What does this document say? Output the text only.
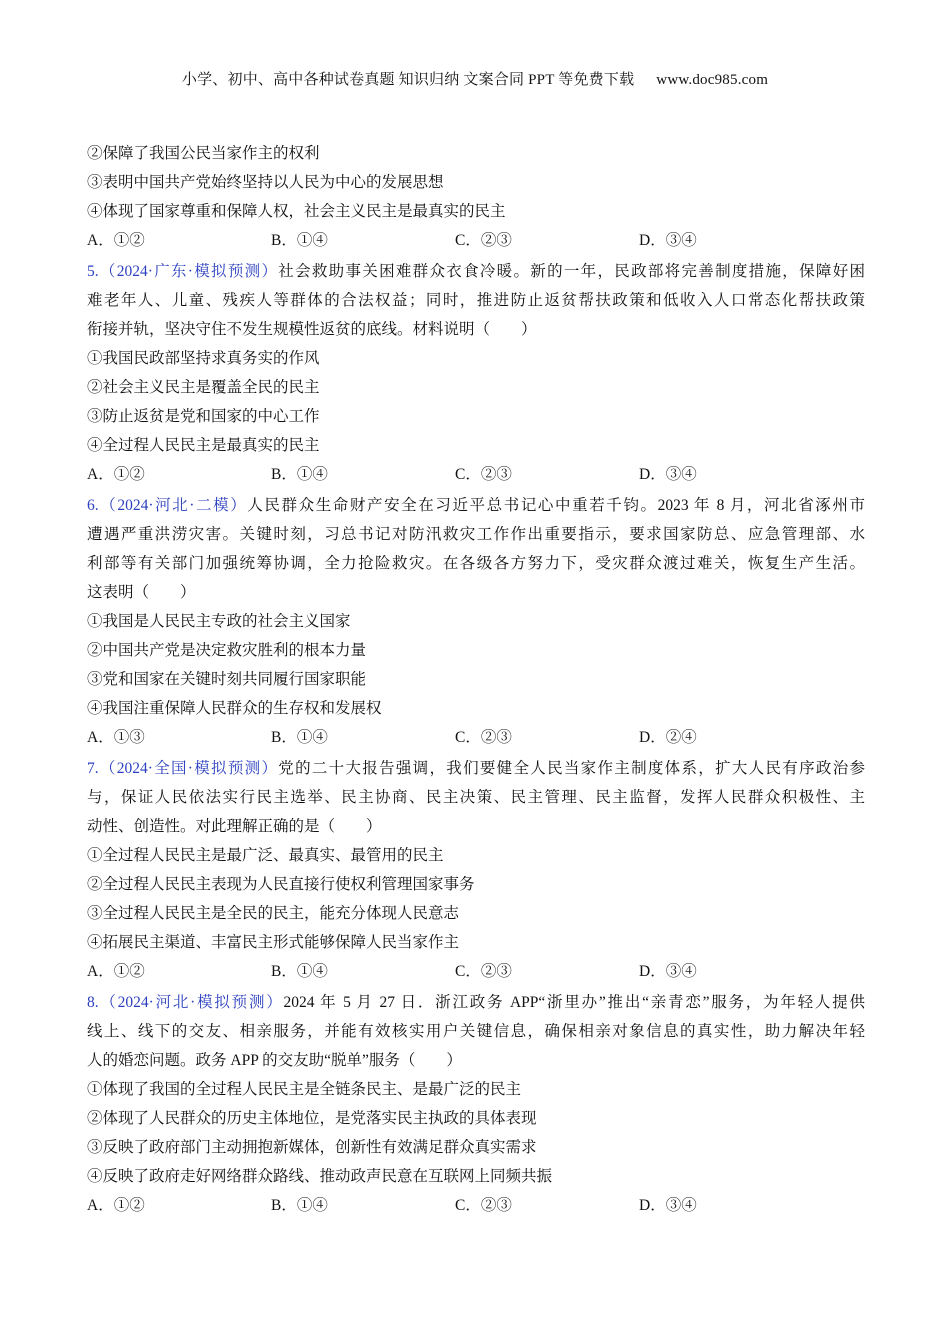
小学、初中、高中各种试卷真题 知识归纳 文案合同 PPT 等免费下载 www.doc985.com
②保障了我国公民当家作主的权利
③表明中国共产党始终坚持以人民为中心的发展思想
④体现了国家尊重和保障人权，社会主义民主是最真实的民主
A．①②	B．①④	C．②③	D．③④
5.（2024·广东·模拟预测）社会救助事关困难群众衣食冷暖。新的一年，民政部将完善制度措施，保障好困
难老年人、儿童、残疾人等群体的合法权益；同时，推进防止返贫帮扶政策和低收入人口常态化帮扶政策
衔接并轨，坚决守住不发生规模性返贫的底线。材料说明（　　）
①我国民政部坚持求真务实的作风
②社会主义民主是覆盖全民的民主
③防止返贫是党和国家的中心工作
④全过程人民民主是最真实的民主
A．①②	B．①④	C．②③	D．③④
6.（2024·河北·二模）人民群众生命财产安全在习近平总书记心中重若千钧。2023 年 8 月，河北省涿州市
遭遇严重洪涝灾害。关键时刻，习总书记对防汛救灾工作作出重要指示，要求国家防总、应急管理部、水
利部等有关部门加强统筹协调，全力抢险救灾。在各级各方努力下，受灾群众渡过难关，恢复生产生活。
这表明（　　）
①我国是人民民主专政的社会主义国家
②中国共产党是决定救灾胜利的根本力量
③党和国家在关键时刻共同履行国家职能
④我国注重保障人民群众的生存权和发展权
A．①③	B．①④	C．②③	D．②④
7.（2024·全国·模拟预测）党的二十大报告强调，我们要健全人民当家作主制度体系，扩大人民有序政治参
与，保证人民依法实行民主选举、民主协商、民主决策、民主管理、民主监督，发挥人民群众积极性、主
动性、创造性。对此理解正确的是（　　）
①全过程人民民主是最广泛、最真实、最管用的民主
②全过程人民民主表现为人民直接行使权利管理国家事务
③全过程人民民主是全民的民主，能充分体现人民意志
④拓展民主渠道、丰富民主形式能够保障人民当家作主
A．①②	B．①④	C．②③	D．③④
8.（2024·河北·模拟预测）2024 年 5 月 27 日．浙江政务 APP“浙里办”推出“亲青恋”服务，为年轻人提供
线上、线下的交友、相亲服务，并能有效核实用户关键信息，确保相亲对象信息的真实性，助力解决年轻
人的婚恋问题。政务 APP 的交友助“脱单”服务（　　）
①体现了我国的全过程人民民主是全链条民主、是最广泛的民主
②体现了人民群众的历史主体地位，是党落实民主执政的具体表现
③反映了政府部门主动拥抱新媒体，创新性有效满足群众真实需求
④反映了政府走好网络群众路线、推动政声民意在互联网上同频共振
A．①②	B．①④	C．②③	D．③④
